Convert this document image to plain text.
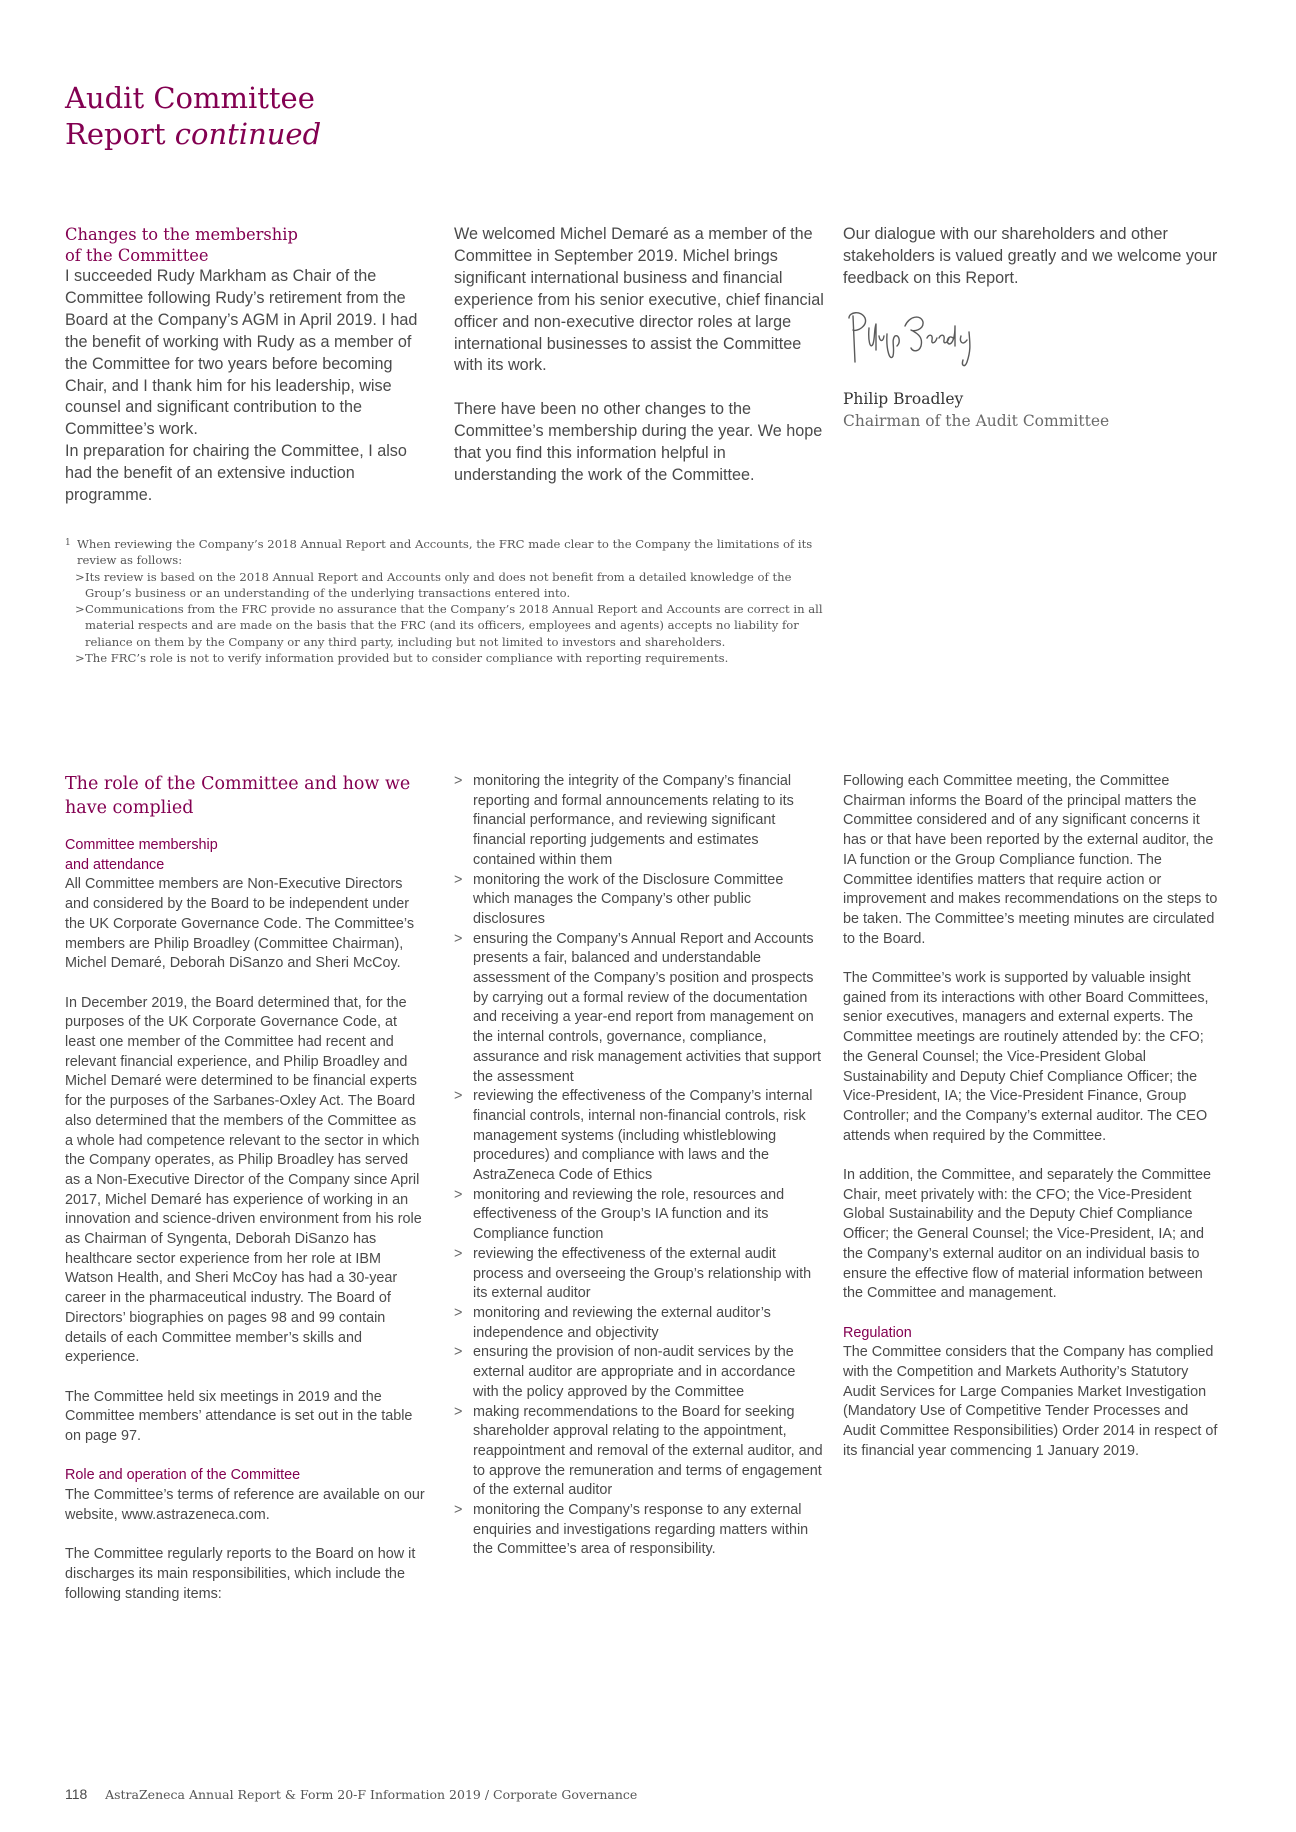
Audit Committee
Report continued
Changes to the membership
of the Committee

I succeeded Rudy Markham as Chair of the Committee following Rudy’s retirement from the Board at the Company’s AGM in April 2019. I had the benefit of working with Rudy as a member of the Committee for two years before becoming Chair, and I thank him for his leadership, wise counsel and significant contribution to the Committee’s work.

In preparation for chairing the Committee, I also had the benefit of an extensive induction programme.

We welcomed Michel Demaré as a member of the Committee in September 2019. Michel brings significant international business and financial experience from his senior executive, chief financial officer and non-executive director roles at large international businesses to assist the Committee with its work.

There have been no other changes to the Committee’s membership during the year. We hope that you find this information helpful in understanding the work of the Committee.

Our dialogue with our shareholders and other stakeholders is valued greatly and we welcome your feedback on this Report.

Philip Broadley
Chairman of the Audit Committee
1 When reviewing the Company’s 2018 Annual Report and Accounts, the FRC made clear to the Company the limitations of its review as follows:
> Its review is based on the 2018 Annual Report and Accounts only and does not benefit from a detailed knowledge of the Group’s business or an understanding of the underlying transactions entered into.
> Communications from the FRC provide no assurance that the Company’s 2018 Annual Report and Accounts are correct in all material respects and are made on the basis that the FRC (and its officers, employees and agents) accepts no liability for reliance on them by the Company or any third party, including but not limited to investors and shareholders.
> The FRC’s role is not to verify information provided but to consider compliance with reporting requirements.
The role of the Committee and how we
have complied
Committee membership
and attendance

All Committee members are Non-Executive Directors and considered by the Board to be independent under the UK Corporate Governance Code. The Committee’s members are Philip Broadley (Committee Chairman), Michel Demaré, Deborah DiSanzo and Sheri McCoy.

In December 2019, the Board determined that, for the purposes of the UK Corporate Governance Code, at least one member of the Committee had recent and relevant financial experience, and Philip Broadley and Michel Demaré were determined to be financial experts for the purposes of the Sarbanes-Oxley Act. The Board also determined that the members of the Committee as a whole had competence relevant to the sector in which the Company operates, as Philip Broadley has served as a Non-Executive Director of the Company since April 2017, Michel Demaré has experience of working in an innovation and science-driven environment from his role as Chairman of Syngenta, Deborah DiSanzo has healthcare sector experience from her role at IBM Watson Health, and Sheri McCoy has had a 30-year career in the pharmaceutical industry. The Board of Directors’ biographies on pages 98 and 99 contain details of each Committee member’s skills and experience.

The Committee held six meetings in 2019 and the Committee members’ attendance is set out in the table on page 97.

Role and operation of the Committee

The Committee’s terms of reference are available on our website, www.astrazeneca.com.

The Committee regularly reports to the Board on how it discharges its main responsibilities, which include the following standing items:

> monitoring the integrity of the Company’s financial reporting and formal announcements relating to its financial performance, and reviewing significant financial reporting judgements and estimates contained within them
> monitoring the work of the Disclosure Committee which manages the Company’s other public disclosures
> ensuring the Company’s Annual Report and Accounts presents a fair, balanced and understandable assessment of the Company’s position and prospects by carrying out a formal review of the documentation and receiving a year-end report from management on the internal controls, governance, compliance, assurance and risk management activities that support the assessment
> reviewing the effectiveness of the Company’s internal financial controls, internal non-financial controls, risk management systems (including whistleblowing procedures) and compliance with laws and the AstraZeneca Code of Ethics
> monitoring and reviewing the role, resources and effectiveness of the Group’s IA function and its Compliance function
> reviewing the effectiveness of the external audit process and overseeing the Group’s relationship with its external auditor
> monitoring and reviewing the external auditor’s independence and objectivity
> ensuring the provision of non-audit services by the external auditor are appropriate and in accordance with the policy approved by the Committee
> making recommendations to the Board for seeking shareholder approval relating to the appointment, reappointment and removal of the external auditor, and to approve the remuneration and terms of engagement of the external auditor
> monitoring the Company’s response to any external enquiries and investigations regarding matters within the Committee’s area of responsibility.

Following each Committee meeting, the Committee Chairman informs the Board of the principal matters the Committee considered and of any significant concerns it has or that have been reported by the external auditor, the IA function or the Group Compliance function. The Committee identifies matters that require action or improvement and makes recommendations on the steps to be taken. The Committee’s meeting minutes are circulated to the Board.

The Committee’s work is supported by valuable insight gained from its interactions with other Board Committees, senior executives, managers and external experts. The Committee meetings are routinely attended by: the CFO; the General Counsel; the Vice-President Global Sustainability and Deputy Chief Compliance Officer; the Vice-President, IA; the Vice-President Finance, Group Controller; and the Company’s external auditor. The CEO attends when required by the Committee.

In addition, the Committee, and separately the Committee Chair, meet privately with: the CFO; the Vice-President Global Sustainability and the Deputy Chief Compliance Officer; the General Counsel; the Vice-President, IA; and the Company’s external auditor on an individual basis to ensure the effective flow of material information between the Committee and management.

Regulation

The Committee considers that the Company has complied with the Competition and Markets Authority’s Statutory Audit Services for Large Companies Market Investigation (Mandatory Use of Competitive Tender Processes and Audit Committee Responsibilities) Order 2014 in respect of its financial year commencing 1 January 2019.

118 AstraZeneca Annual Report & Form 20-F Information 2019 / Corporate Governance
